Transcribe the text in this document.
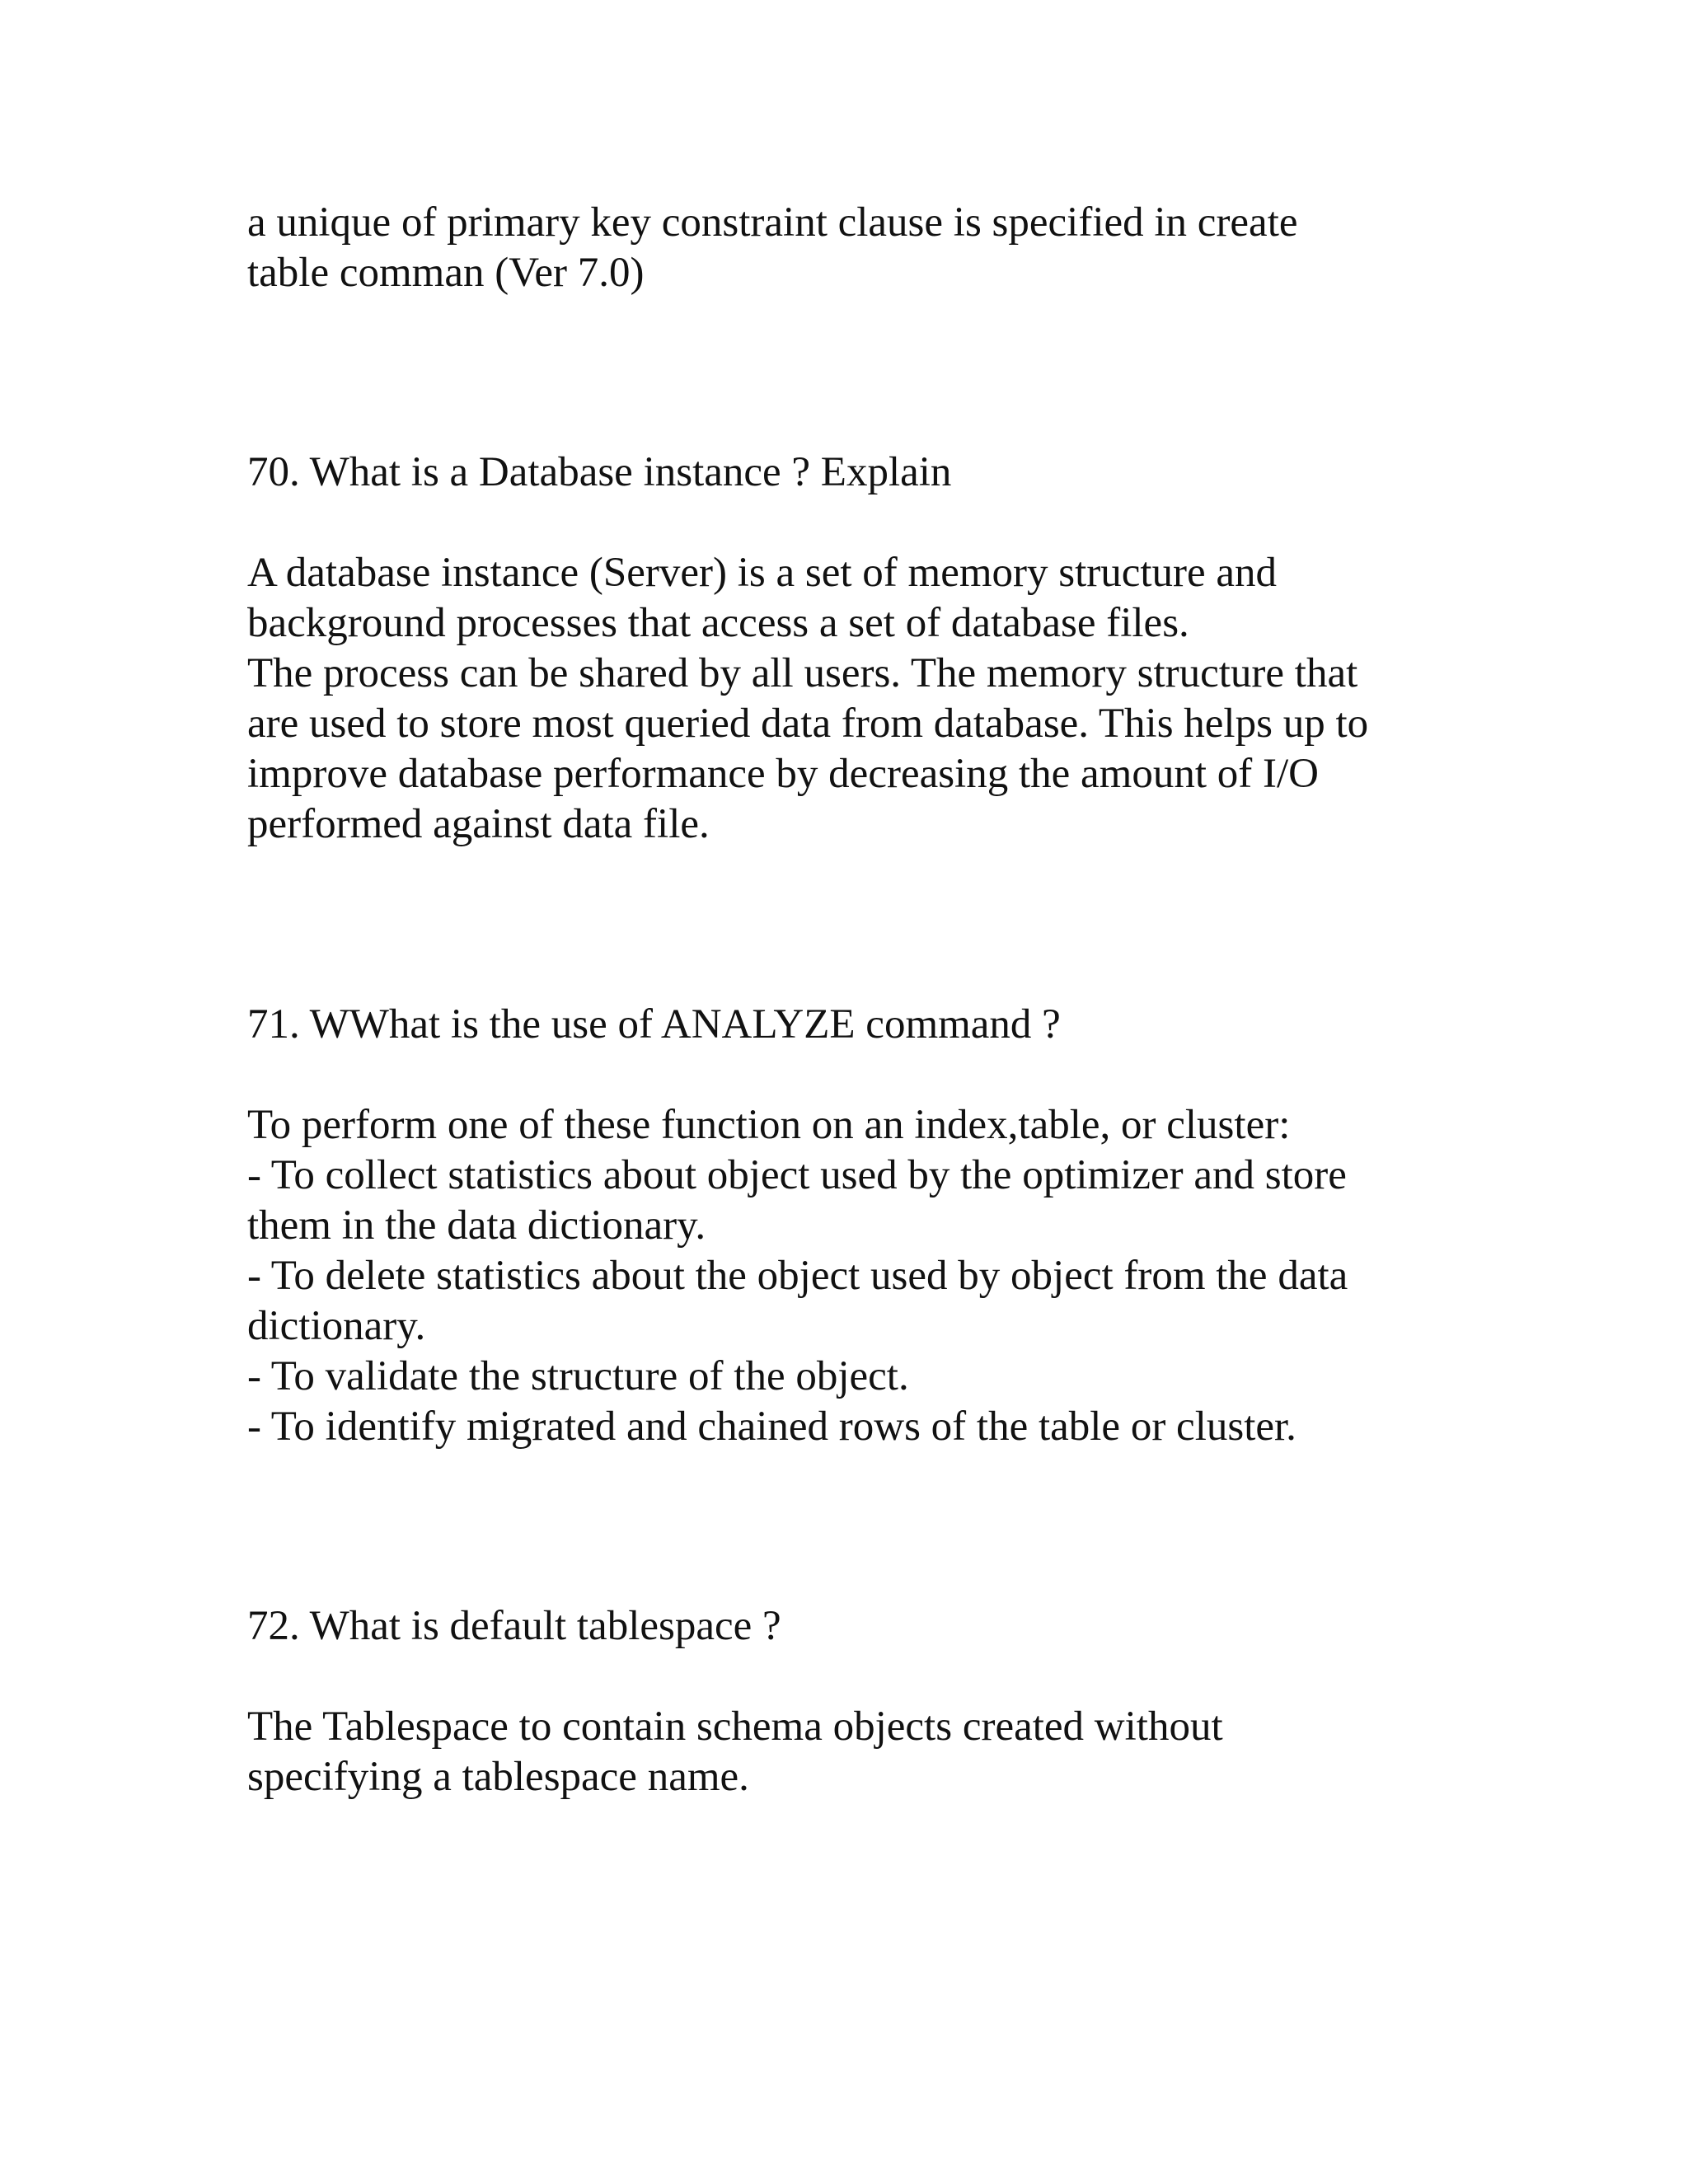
a unique of primary key constraint clause is specified in create

table comman (Ver 7.0)

70. What is a Database instance ? Explain

A database instance (Server) is a set of memory structure and

background processes that access a set of database files.

The process can be shared by all users. The memory structure that

are used to store most queried data from database. This helps up to

improve database performance by decreasing the amount of I/O

performed against data file.

71. WWhat is the use of ANALYZE command ?

To perform one of these function on an index,table, or cluster:

- To collect statistics about object used by the optimizer and store

them in the data dictionary.

- To delete statistics about the object used by object from the data

dictionary.

- To validate the structure of the object.

- To identify migrated and chained rows of the table or cluster.

72. What is default tablespace ?

The Tablespace to contain schema objects created without

specifying a tablespace name.
